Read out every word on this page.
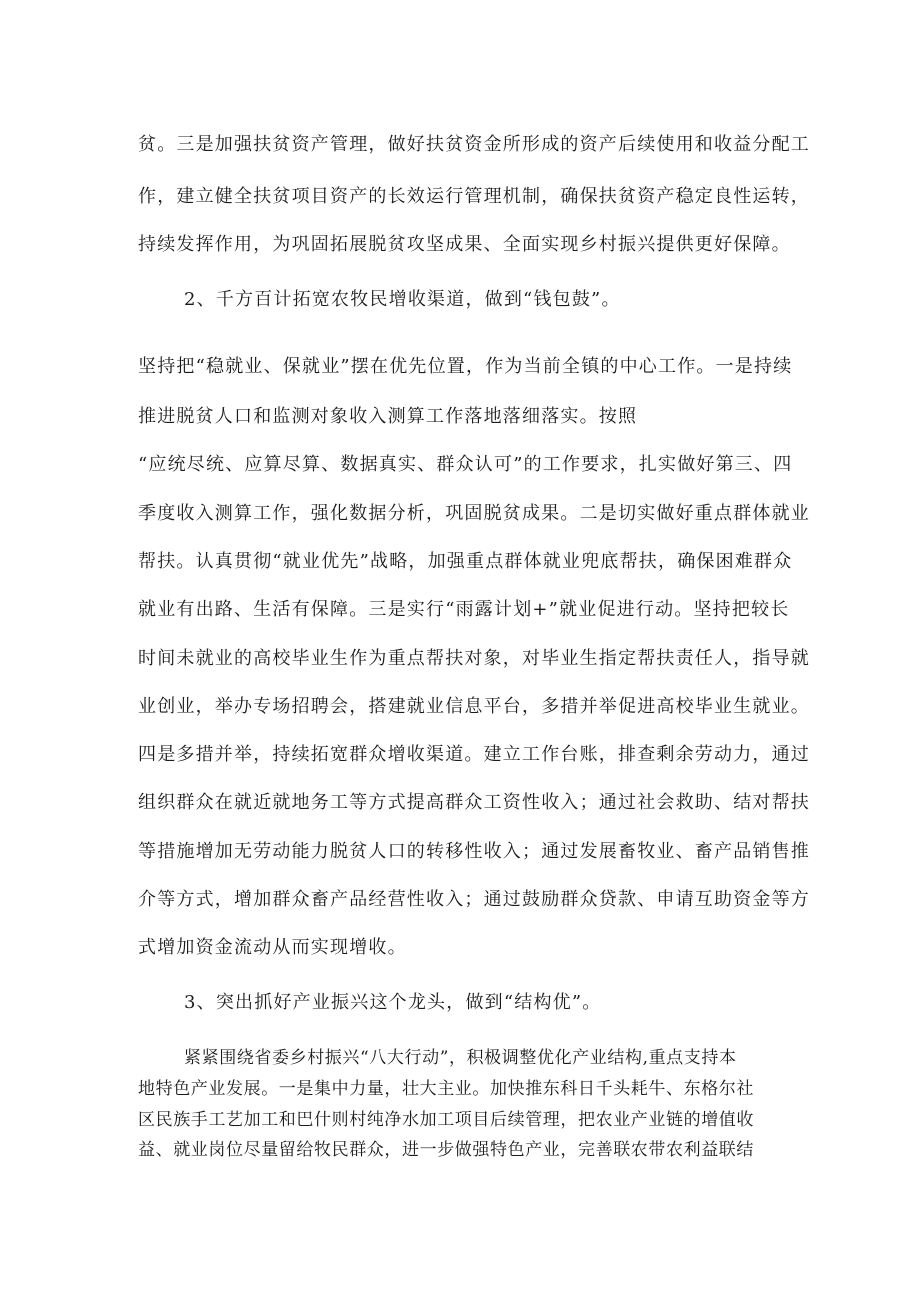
贫。三是加强扶贫资产管理，做好扶贫资金所形成的资产后续使用和收益分配工
作，建立健全扶贫项目资产的长效运行管理机制，确保扶贫资产稳定良性运转，
持续发挥作用，为巩固拓展脱贫攻坚成果、全面实现乡村振兴提供更好保障。
2、千方百计拓宽农牧民增收渠道，做到“钱包鼓”。
坚持把“稳就业、保就业”摆在优先位置，作为当前全镇的中心工作。一是持续
推进脱贫人口和监测对象收入测算工作落地落细落实。按照
“应统尽统、应算尽算、数据真实、群众认可”的工作要求，扎实做好第三、四
季度收入测算工作，强化数据分析，巩固脱贫成果。二是切实做好重点群体就业
帮扶。认真贯彻“就业优先”战略，加强重点群体就业兜底帮扶，确保困难群众
就业有出路、生活有保障。三是实行“雨露计划+”就业促进行动。坚持把较长
时间未就业的高校毕业生作为重点帮扶对象，对毕业生指定帮扶责任人，指导就
业创业，举办专场招聘会，搭建就业信息平台，多措并举促进高校毕业生就业。
四是多措并举，持续拓宽群众增收渠道。建立工作台账，排查剩余劳动力，通过
组织群众在就近就地务工等方式提高群众工资性收入；通过社会救助、结对帮扶
等措施增加无劳动能力脱贫人口的转移性收入；通过发展畜牧业、畜产品销售推
介等方式，增加群众畜产品经营性收入；通过鼓励群众贷款、申请互助资金等方
式增加资金流动从而实现增收。
3、突出抓好产业振兴这个龙头，做到“结构优”。
紧紧围绕省委乡村振兴“八大行动”，积极调整优化产业结构,重点支持本
地特色产业发展。一是集中力量，壮大主业。加快推东科日千头耗牛、东格尔社
区民族手工艺加工和巴什则村纯净水加工项目后续管理，把农业产业链的增值收
益、就业岗位尽量留给牧民群众，进一步做强特色产业，完善联农带农利益联结
